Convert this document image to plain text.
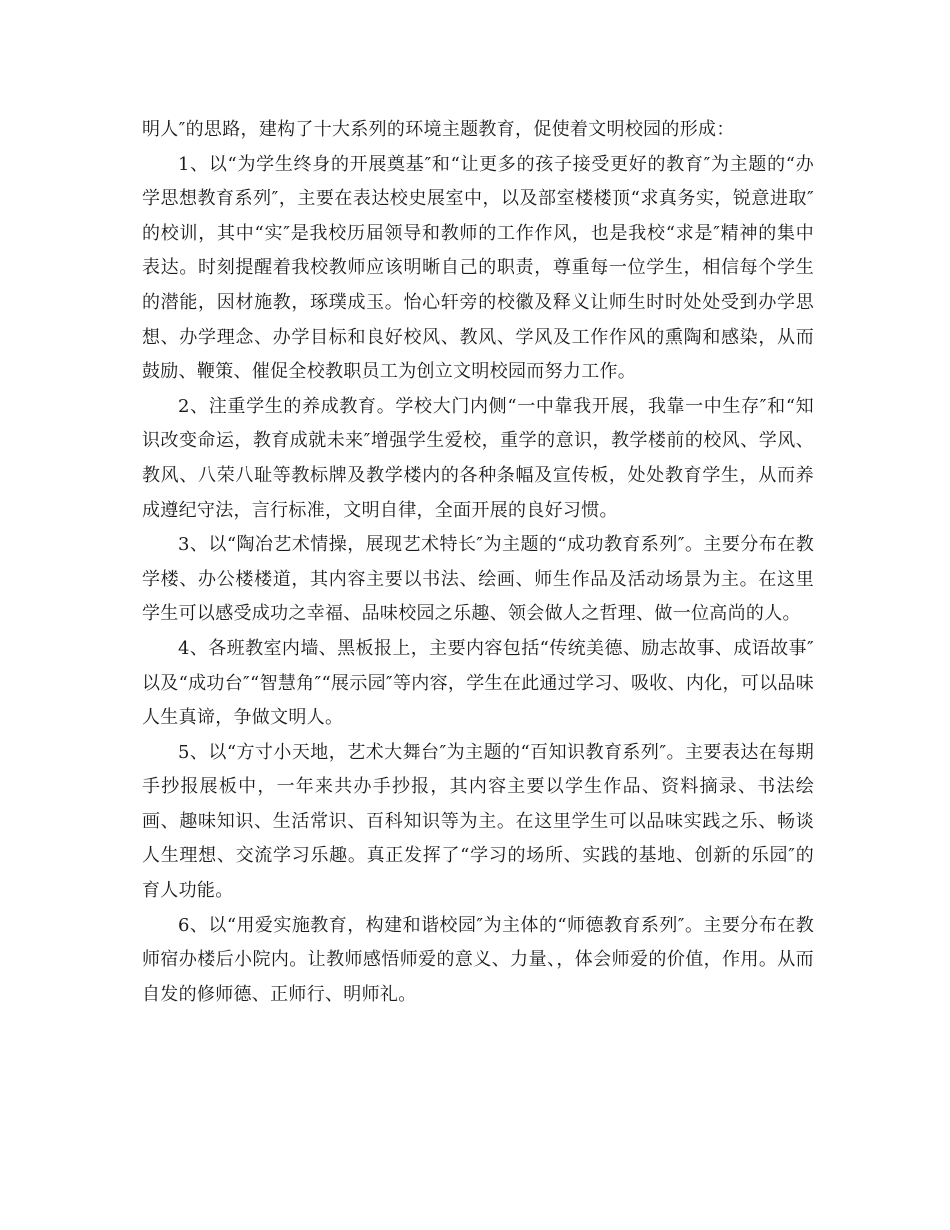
明人″的思路，建构了十大系列的环境主题教育，促使着文明校园的形成：

1、以“为学生终身的开展奠基″和“让更多的孩子接受更好的教育″为主题的“办学思想教育系列″，主要在表达校史展室中，以及部室楼楼顶“求真务实，锐意进取″的校训，其中“实″是我校历届领导和教师的工作作风，也是我校“求是″精神的集中表达。时刻提醒着我校教师应该明晰自己的职责，尊重每一位学生，相信每个学生的潜能，因材施教，琢璞成玉。怡心轩旁的校徽及释义让师生时时处处受到办学思想、办学理念、办学目标和良好校风、教风、学风及工作作风的熏陶和感染，从而鼓励、鞭策、催促全校教职员工为创立文明校园而努力工作。

2、注重学生的养成教育。学校大门内侧“一中靠我开展，我靠一中生存″和“知识改变命运，教育成就未来″增强学生爱校，重学的意识，教学楼前的校风、学风、教风、八荣八耻等教标牌及教学楼内的各种条幅及宣传板，处处教育学生，从而养成遵纪守法，言行标准，文明自律，全面开展的良好习惯。

3、以“陶冶艺术情操，展现艺术特长″为主题的“成功教育系列″。主要分布在教学楼、办公楼楼道，其内容主要以书法、绘画、师生作品及活动场景为主。在这里学生可以感受成功之幸福、品味校园之乐趣、领会做人之哲理、做一位高尚的人。

4、各班教室内墙、黑板报上，主要内容包括“传统美德、励志故事、成语故事″以及“成功台″“智慧角″“展示园″等内容，学生在此通过学习、吸收、内化，可以品味人生真谛，争做文明人。

5、以“方寸小天地，艺术大舞台″为主题的“百知识教育系列″。主要表达在每期手抄报展板中，一年来共办手抄报，其内容主要以学生作品、资料摘录、书法绘画、趣味知识、生活常识、百科知识等为主。在这里学生可以品味实践之乐、畅谈人生理想、交流学习乐趣。真正发挥了“学习的场所、实践的基地、创新的乐园″的育人功能。

6、以“用爱实施教育，构建和谐校园″为主体的“师德教育系列″。主要分布在教师宿办楼后小院内。让教师感悟师爱的意义、力量、，体会师爱的价值，作用。从而自发的修师德、正师行、明师礼。
